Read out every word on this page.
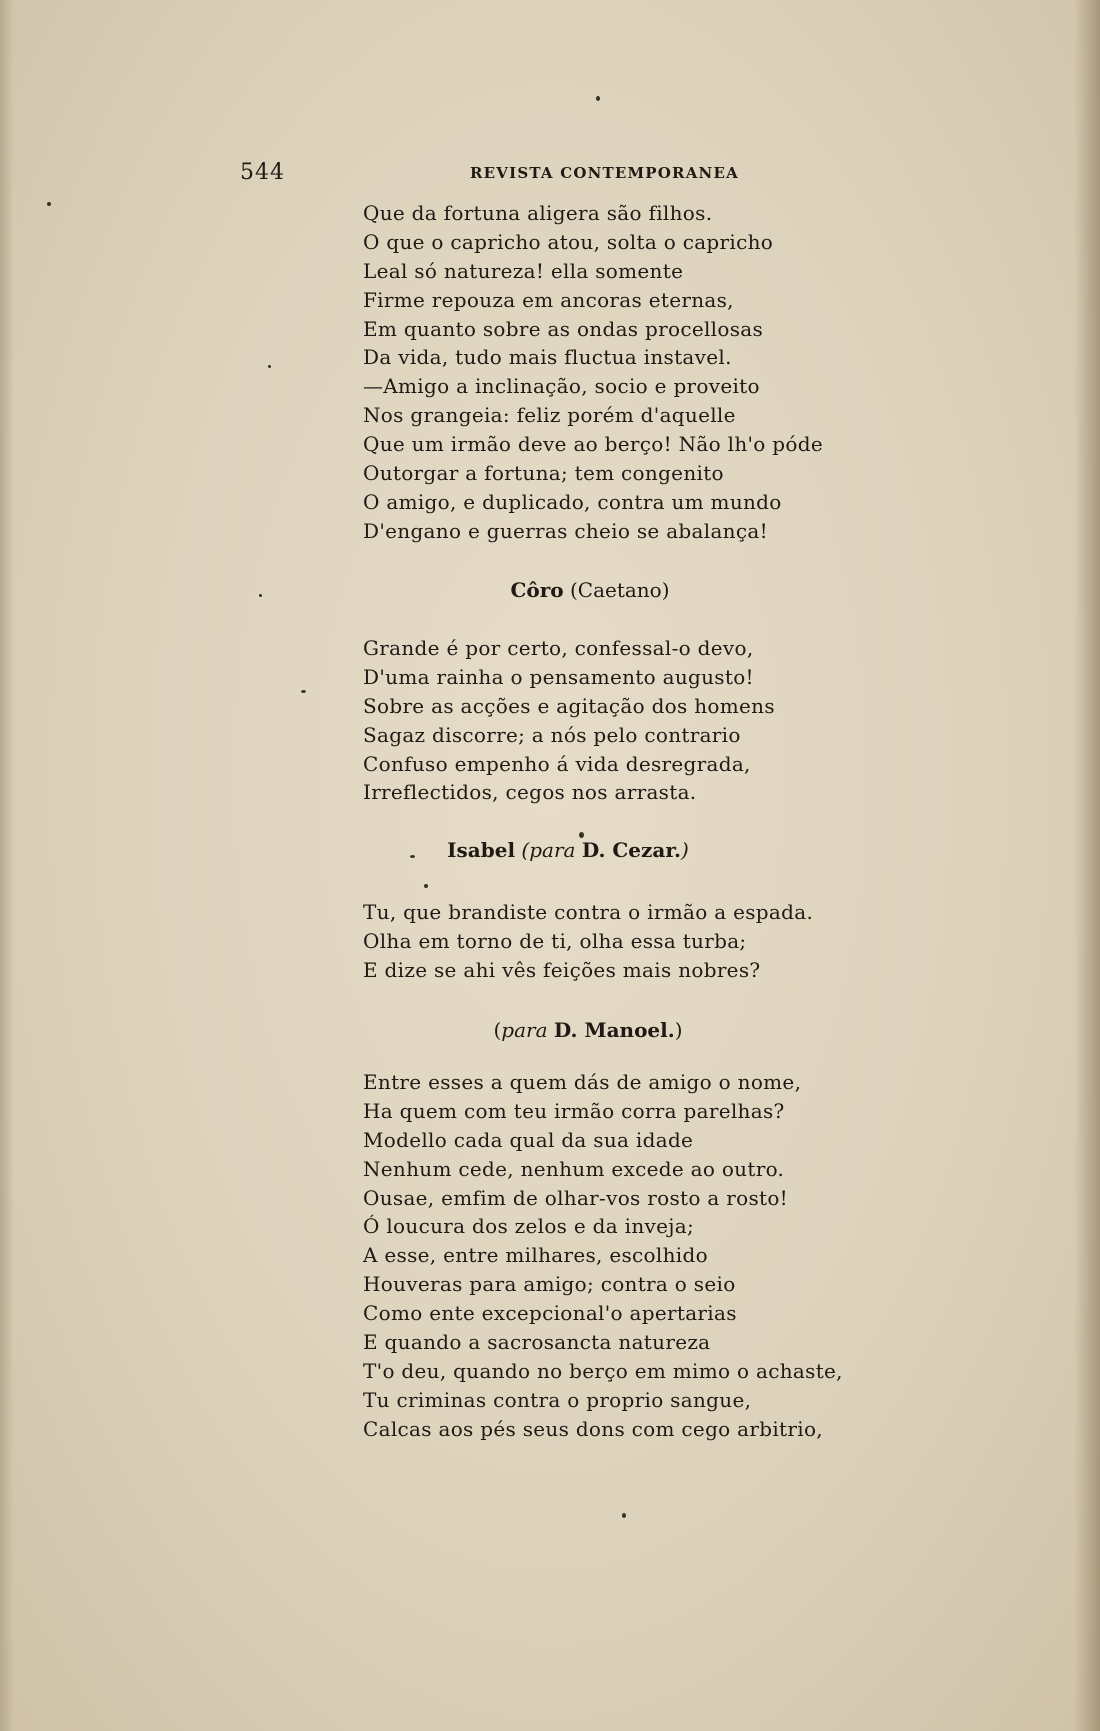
544	REVISTA CONTEMPORANEA
Que da fortuna aligera são filhos.
O que o capricho atou, solta o capricho
Leal só natureza! ella somente
Firme repouza em ancoras eternas,
Em quanto sobre as ondas procellosas
Da vida, tudo mais fluctua instavel.
—Amigo a inclinação, socio e proveito
Nos grangeia: feliz porém d'aquelle
Que um irmão deve ao berço! Não lh'o póde
Outorgar a fortuna; tem congenito
O amigo, e duplicado, contra um mundo
D'engano e guerras cheio se abalança!
Côro (Caetano)
Grande é por certo, confessal-o devo,
D'uma rainha o pensamento augusto!
Sobre as acções e agitação dos homens
Sagaz discorre; a nós pelo contrario
Confuso empenho á vida desregrada,
Irreflectidos, cegos nos arrasta.
Isabel (para D. Cezar.)
Tu, que brandiste contra o irmão a espada.
Olha em torno de ti, olha essa turba;
E dize se ahi vês feições mais nobres?
(para D. Manoel.)
Entre esses a quem dás de amigo o nome,
Ha quem com teu irmão corra parelhas?
Modello cada qual da sua idade
Nenhum cede, nenhum excede ao outro.
Ousae, emfim de olhar-vos rosto a rosto!
Ó loucura dos zelos e da inveja;
A esse, entre milhares, escolhido
Houveras para amigo; contra o seio
Como ente excepcional'o apertarias
E quando a sacrosancta natureza
T'o deu, quando no berço em mimo o achaste,
Tu criminas contra o proprio sangue,
Calcas aos pés seus dons com cego arbitrio,
